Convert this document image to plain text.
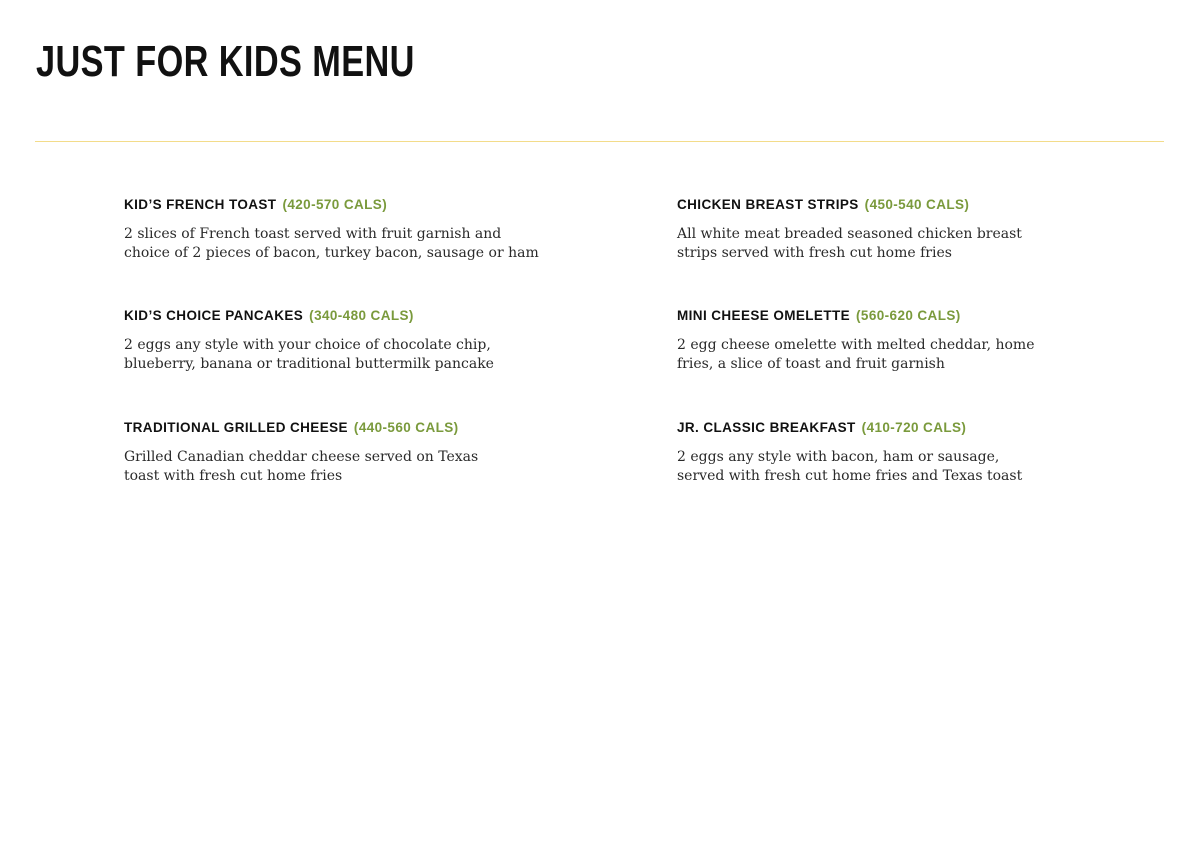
JUST FOR KIDS MENU
KID’S FRENCH TOAST (420-570 CALS)
2 slices of French toast served with fruit garnish and
choice of 2 pieces of bacon, turkey bacon, sausage or ham
CHICKEN BREAST STRIPS (450-540 CALS)
All white meat breaded seasoned chicken breast
strips served with fresh cut home fries
KID’S CHOICE PANCAKES (340-480 CALS)
2 eggs any style with your choice of chocolate chip,
blueberry, banana or traditional buttermilk pancake
MINI CHEESE OMELETTE (560-620 CALS)
2 egg cheese omelette with melted cheddar, home
fries, a slice of toast and fruit garnish
TRADITIONAL GRILLED CHEESE (440-560 CALS)
Grilled Canadian cheddar cheese served on Texas
toast with fresh cut home fries
JR. CLASSIC BREAKFAST (410-720 CALS)
2 eggs any style with bacon, ham or sausage,
served with fresh cut home fries and Texas toast
